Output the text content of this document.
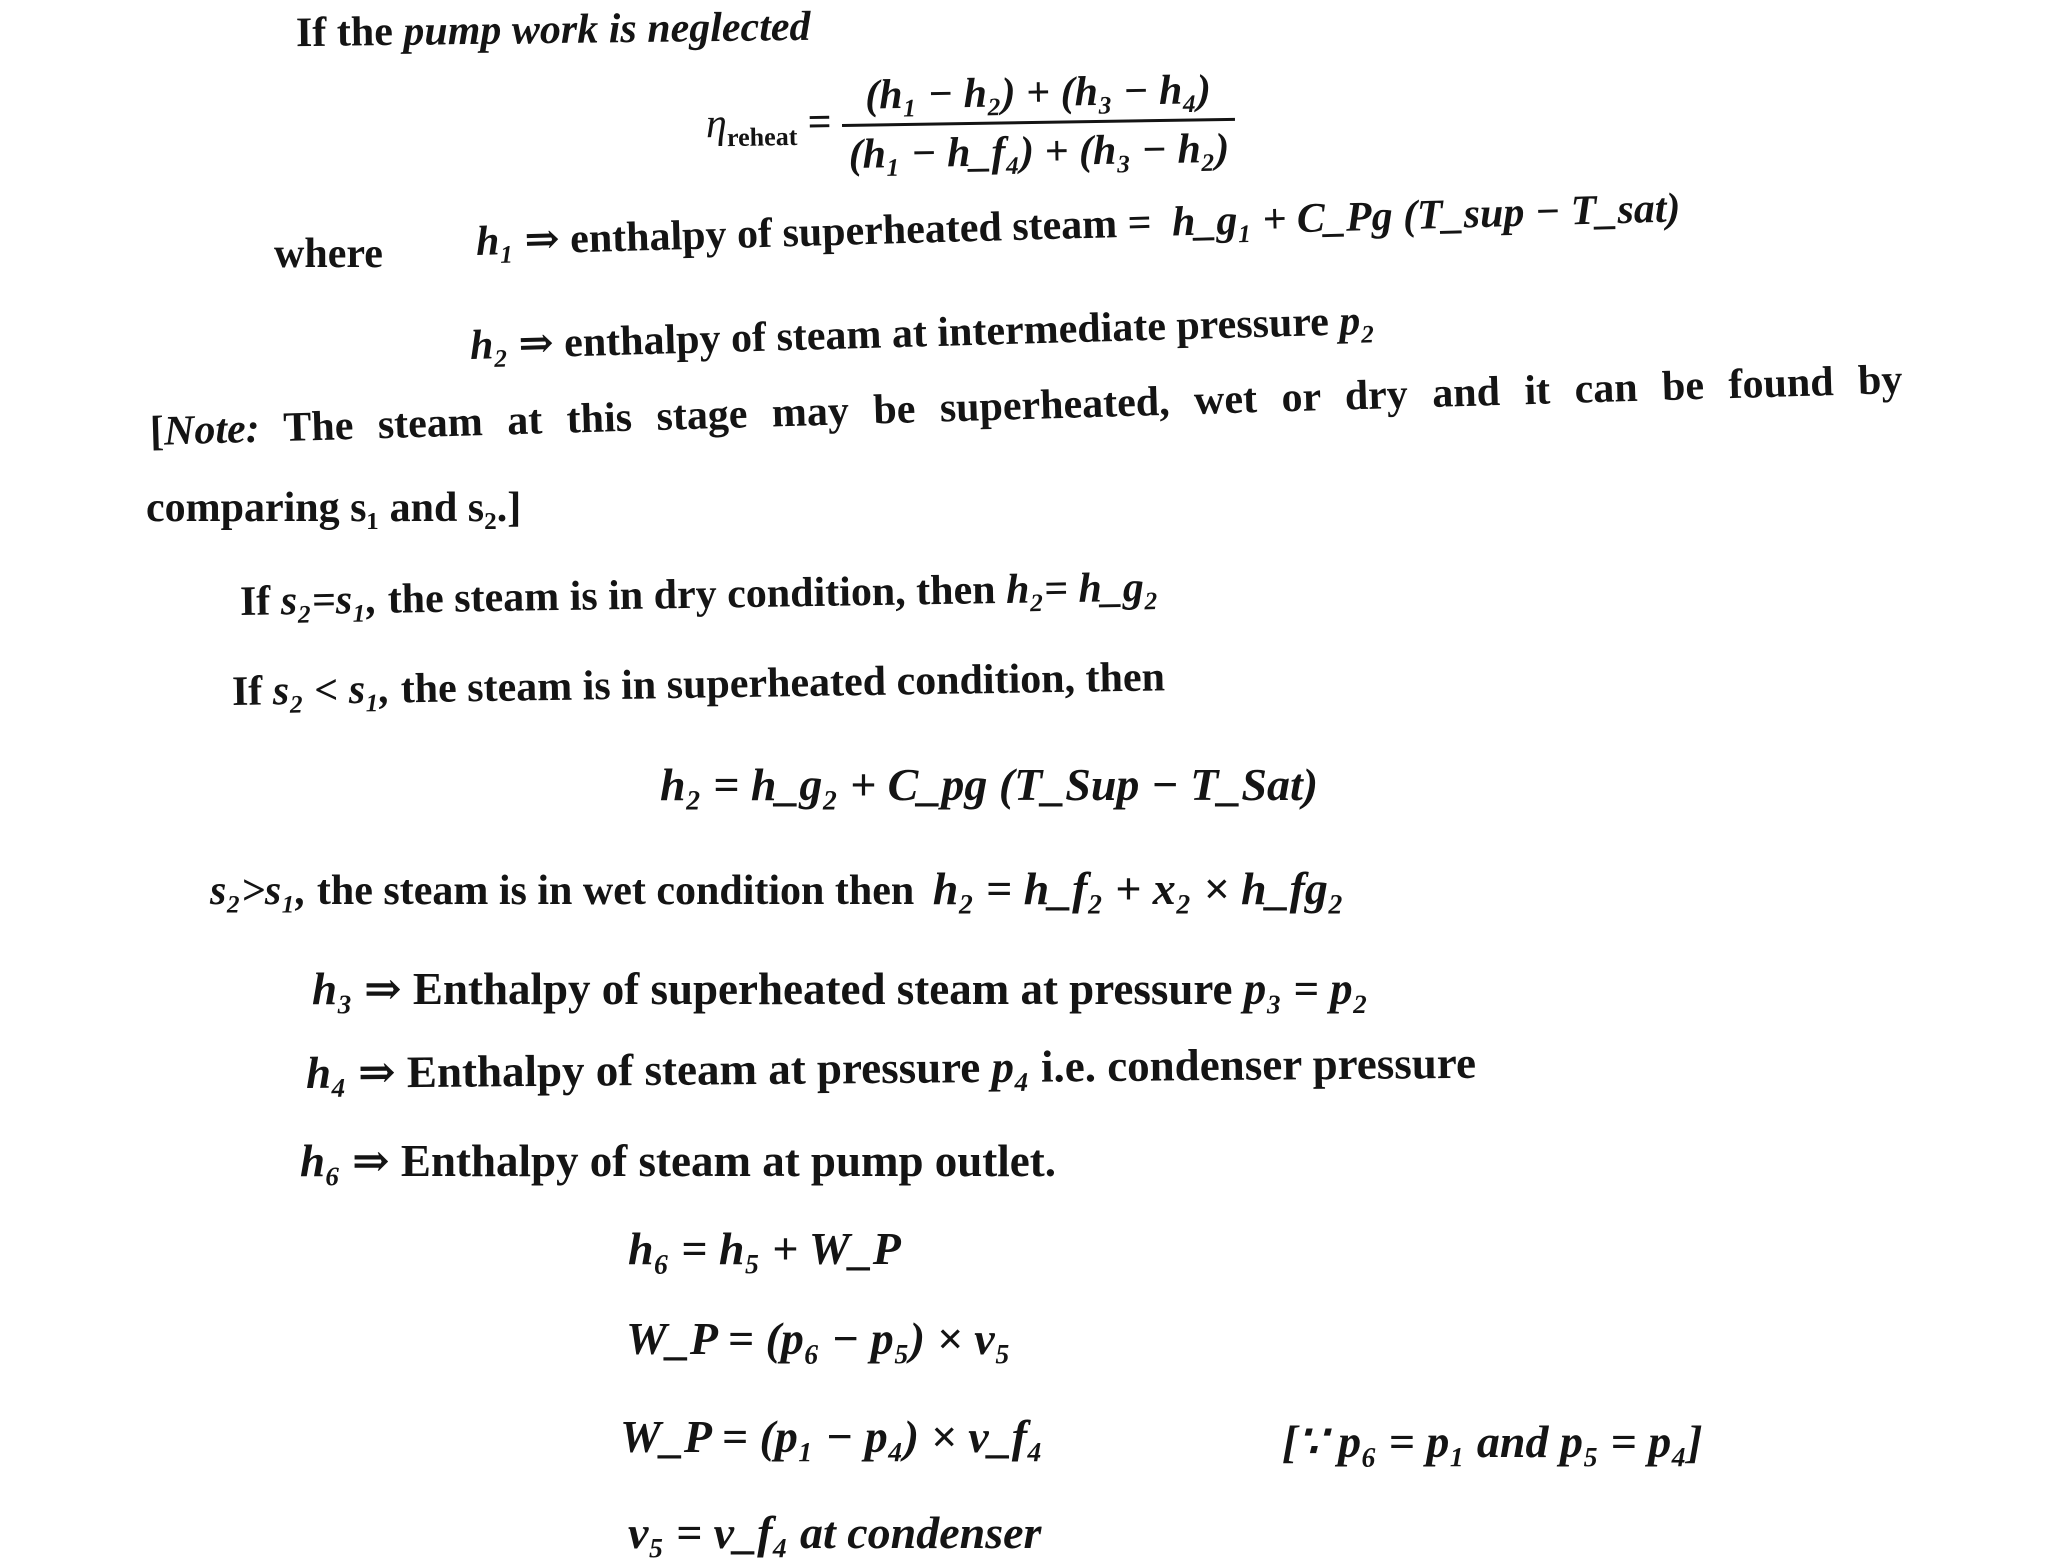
If the pump work is neglected
$\eta_{reheat} = \frac{\text{(h₁ − h₂) + (h₃ − h₄)}}{\text{(h₁ − h\_f₄) + (h₃ − h₂)}}$
where h₁ ⇒ enthalpy of superheated steam = h_g₁ + C_Pg (T_sup − T_sat)
h₂ ⇒ enthalpy of steam at intermediate pressure p₂
[Note: The steam at this stage may be superheated, wet or dry and it can be found by
comparing s₁ and s₂.]
If s₂=s₁, the steam is in dry condition, then h₂= h_g₂
If s₂ < s₁, the steam is in superheated condition, then
h₂ = h_g₂ + C_pg (T_Sup − T_Sat)
s₂>s₁, the steam is in wet condition then h₂ = h_f₂ + x₂ × h_fg₂
h₃ ⇒ Enthalpy of superheated steam at pressure p₃ = p₂
h₄ ⇒ Enthalpy of steam at pressure p₄ i.e. condenser pressure
h₆ ⇒ Enthalpy of steam at pump outlet.
h₆ = h₅ + W_P
W_P = (p₆ − p₅) × v₅
W_P = (p₁ − p₄) × v_f₄	[∵ p₆ = p₁ and p₅ = p₄]
v₅ = v_f₄ at condenser
